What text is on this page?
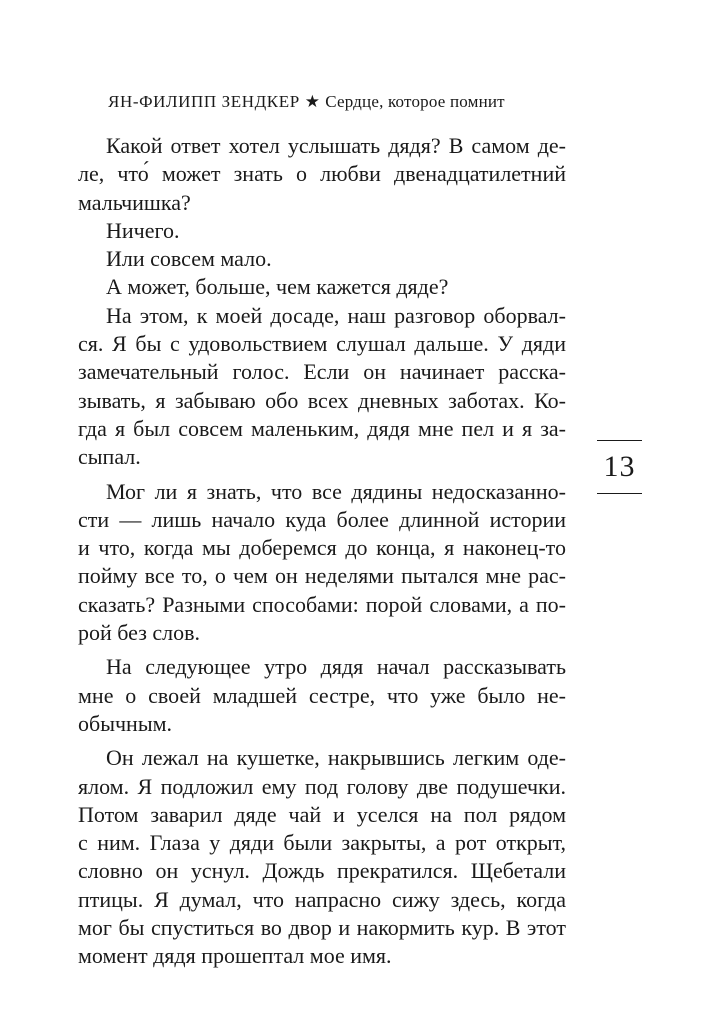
ЯН-ФИЛИПП ЗЕНДКЕР ★ Сердце, которое помнит
Какой ответ хотел услышать дядя? В самом де-
ле, что́ может знать о любви двенадцатилетний
мальчишка?
Ничего.
Или совсем мало.
А может, больше, чем кажется дяде?
На этом, к моей досаде, наш разговор оборвал-
ся. Я бы с удовольствием слушал дальше. У дяди
замечательный голос. Если он начинает расска-
зывать, я забываю обо всех дневных заботах. Ко-
гда я был совсем маленьким, дядя мне пел и я за-
сыпал.
Мог ли я знать, что все дядины недосказанно-
сти — лишь начало куда более длинной истории
и что, когда мы доберемся до конца, я наконец-то
пойму все то, о чем он неделями пытался мне рас-
сказать? Разными способами: порой словами, а по-
рой без слов.
На следующее утро дядя начал рассказывать
мне о своей младшей сестре, что уже было не-
обычным.
Он лежал на кушетке, накрывшись легким оде-
ялом. Я подложил ему под голову две подушечки.
Потом заварил дяде чай и уселся на пол рядом
с ним. Глаза у дяди были закрыты, а рот открыт,
словно он уснул. Дождь прекратился. Щебетали
птицы. Я думал, что напрасно сижу здесь, когда
мог бы спуститься во двор и накормить кур. В этот
момент дядя прошептал мое имя.
13
